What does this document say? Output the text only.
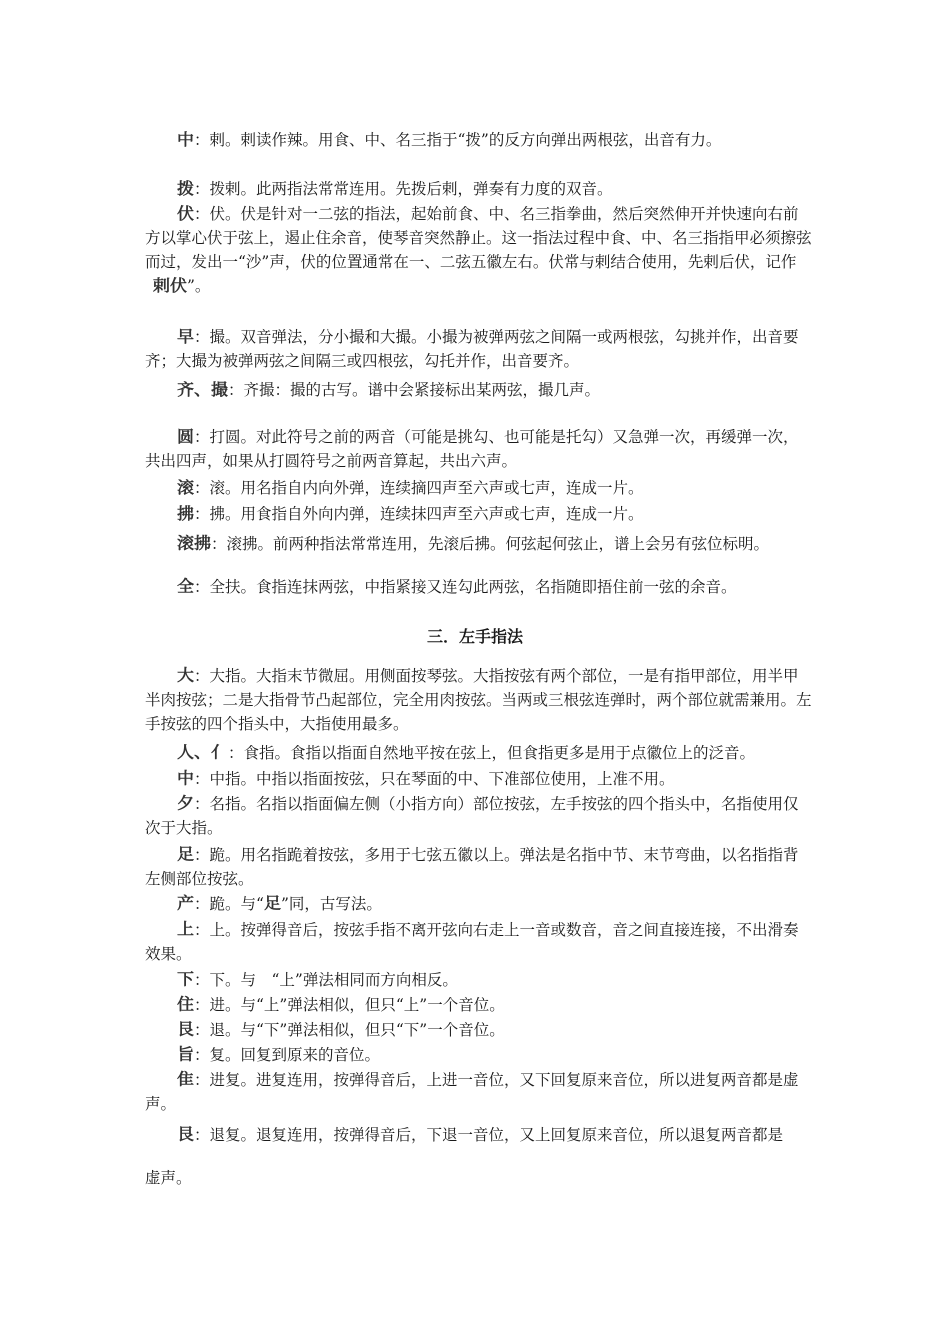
中：剌。剌读作辣。用食、中、名三指于“拨”的反方向弹出两根弦，出音有力。
拨：拨剌。此两指法常常连用。先拨后剌，弹奏有力度的双音。
伏：伏。伏是针对一二弦的指法，起始前食、中、名三指拳曲，然后突然伸开并快速向右前方以掌心伏于弦上，遏止住余音，使琴音突然静止。这一指法过程中食、中、名三指指甲必须擦弦而过，发出一“沙”声，伏的位置通常在一、二弦五徽左右。伏常与剌结合使用，先剌后伏，记作 剌伏”。
早：撮。双音弹法，分小撮和大撮。小撮为被弹两弦之间隔一或两根弦，勾挑并作，出音要齐；大撮为被弹两弦之间隔三或四根弦，勾托并作，出音要齐。
齐、撮：齐撮：撮的古写。谱中会紧接标出某两弦，撮几声。
圆：打圆。对此符号之前的两音（可能是挑勾、也可能是托勾）又急弹一次，再缓弹一次，共出四声，如果从打圆符号之前两音算起，共出六声。
滚：滚。用名指自内向外弹，连续摘四声至六声或七声，连成一片。
拂：拂。用食指自外向内弹，连续抹四声至六声或七声，连成一片。
滚拂：滚拂。前两种指法常常连用，先滚后拂。何弦起何弦止，谱上会另有弦位标明。
全：全扶。食指连抹两弦，中指紧接又连勾此两弦，名指随即捂住前一弦的余音。
三．左手指法
大：大指。大指末节微屈。用侧面按琴弦。大指按弦有两个部位，一是有指甲部位，用半甲半肉按弦；二是大指骨节凸起部位，完全用肉按弦。当两或三根弦连弹时，两个部位就需兼用。左手按弦的四个指头中，大指使用最多。
人、亻：食指。食指以指面自然地平按在弦上，但食指更多是用于点徽位上的泛音。
中：中指。中指以指面按弦，只在琴面的中、下准部位使用，上准不用。
夕：名指。名指以指面偏左侧（小指方向）部位按弦，左手按弦的四个指头中，名指使用仅次于大指。
足：跪。用名指跪着按弦，多用于七弦五徽以上。弹法是名指中节、末节弯曲，以名指指背左侧部位按弦。
产：跪。与“足”同，古写法。
上：上。按弹得音后，按弦手指不离开弦向右走上一音或数音，音之间直接连接，不出滑奏效果。
下：下。与　“上”弹法相同而方向相反。
住：进。与“上”弹法相似，但只“上”一个音位。
艮：退。与“下”弹法相似，但只“下”一个音位。
旨：复。回复到原来的音位。
隹：进复。进复连用，按弹得音后，上进一音位，又下回复原来音位，所以进复两音都是虚声。
艮：退复。退复连用，按弹得音后，下退一音位，又上回复原来音位，所以退复两音都是
虚声。
